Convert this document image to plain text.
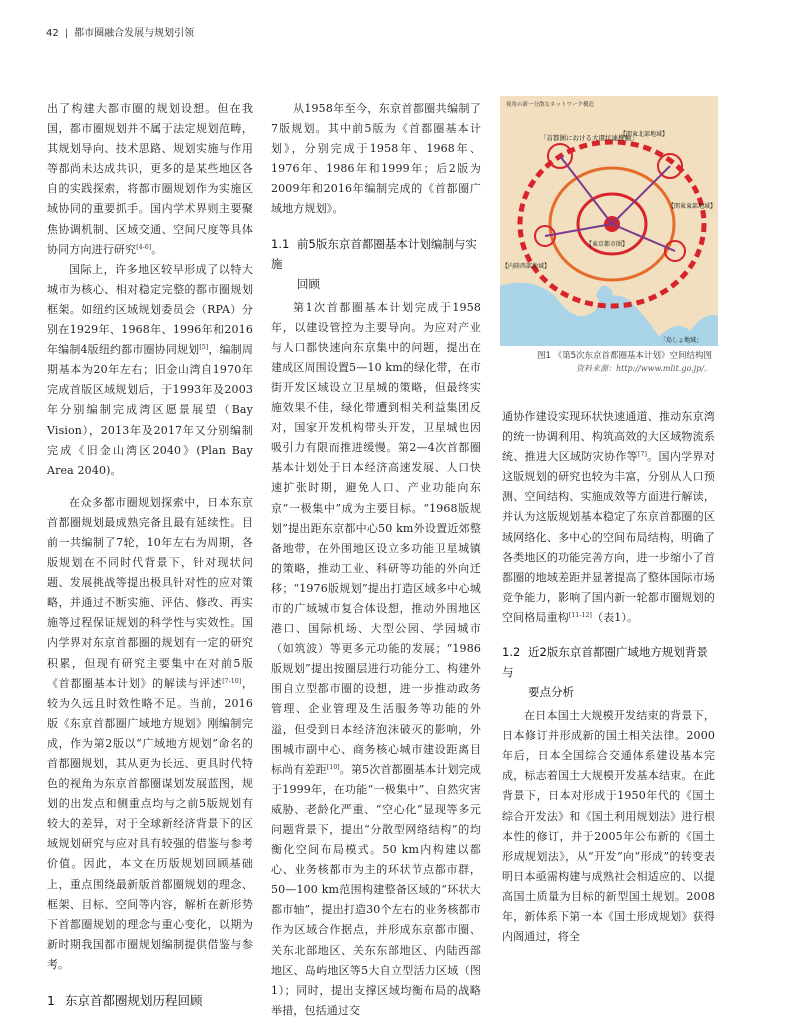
42 | 都市圈融合发展与规划引领

出了构建大都市圈的规划设想。但在我国，都市圈规划并不属于法定规划范畴，其规划导向、技术思路、规划实施与作用等都尚未达成共识，更多的是某些地区各自的实践探索，将都市圈规划作为实施区域协同的重要抓手。国内学术界则主要聚焦协调机制、区域交通、空间尺度等具体协同方向进行研究[4-6]。

国际上，许多地区较早形成了以特大城市为核心、相对稳定完整的都市圈规划框架。如纽约区域规划委员会（RPA）分别在1929年、1968年、1996年和2016年编制4版纽约都市圈协同规划[5]，编制周期基本为20年左右；旧金山湾自1970年完成首版区域规划后，于1993年及2003年分别编制完成湾区愿景展望（Bay Vision），2013年及2017年又分别编制完成《旧金山湾区2040》(Plan Bay Area 2040)。

在众多都市圈规划探索中，日本东京首都圈规划最成熟完备且最有延续性。目前一共编制了7轮，10年左右为周期，各版规划在不同时代背景下，针对现状问题、发展挑战等提出极具针对性的应对策略，并通过不断实施、评估、修改、再实施等过程保证规划的科学性与实效性。国内学界对东京首都圈的规划有一定的研究积累，但现有研究主要集中在对前5版《首都圈基本计划》的解读与评述[7-10]，较为久远且时效性略不足。当前，2016版《东京首都圈广域地方规划》刚编制完成，作为第2版以“广域地方规划”命名的首都圈规划，其从更为长远、更具时代特色的视角为东京首都圈谋划发展蓝图，规划的出发点和侧重点均与之前5版规划有较大的差异，对于全球新经济背景下的区域规划研究与应对具有较强的借鉴与参考价值。因此，本文在历版规划回顾基础上，重点围绕最新版首都圈规划的理念、框架、目标、空间等内容，解析在新形势下首都圈规划的理念与重心变化，以期为新时期我国都市圈规划编制提供借鉴与参考。

1 东京首都圈规划历程回顾

从1958年至今，东京首都圈共编制了7版规划。其中前5版为《首都圈基本计划》，分别完成于1958年、1968年、1976年、1986年和1999年；后2版为2009年和2016年编制完成的《首都圈广域地方规划》。

1.1 前5版东京首都圈基本计划编制与实施
回顾

第1次首都圈基本计划完成于1958年，以建设管控为主要导向。为应对产业与人口都快速向东京集中的问题，提出在建成区周围设置5—10 km的绿化带，在市街开发区域设立卫星城的策略，但最终实施效果不佳，绿化带遭到相关利益集团反对，国家开发机构带头开发，卫星城也因吸引力有限而推进缓慢。第2—4次首都圈基本计划处于日本经济高速发展、人口快速扩张时期，避免人口、产业功能向东京“一极集中”成为主要目标。“1968版规划”提出距东京都中心50 km外设置近郊整备地带，在外围地区设立多功能卫星城镇的策略，推动工业、科研等功能的外向迁移；“1976版规划”提出打造区域多中心城市的广域城市复合体设想，推动外围地区港口、国际机场、大型公园、学园城市（如筑波）等更多元功能的发展；“1986版规划”提出按圈层进行功能分工、构建外围自立型都市圈的设想，进一步推动政务管理、企业管理及生活服务等功能的外溢，但受到日本经济泡沫破灭的影响，外围城市副中心、商务核心城市建设距离目标尚有差距[10]。第5次首都圈基本计划完成于1999年，在功能“一极集中”、自然灾害威胁、老龄化严重、“空心化”显现等多元问题背景下，提出“分散型网络结构”的均衡化空间布局模式。50 km内构建以都心、业务核都市为主的环状节点都市群，50—100 km范围构建整备区域的“环状大都市轴”，提出打造30个左右的业务核都市作为区域合作据点，并形成东京都市圈、关东北部地区、关东东部地区、内陆西部地区、岛屿地区等5大自立型活力区域（图1）；同时，提出支撑区域均衡布局的战略举措，包括通过交

视角の新一分散なネットワーク構造
「首都圏における大環状連携軸」
【関東北部地域】
【関東東部地域】
【内陸西部地域】
【東京都市圏】
「島しょ地域」
图1 《第5次东京首都圈基本计划》空间结构图
资料来源：http://www.mlit.go.jp/。

通协作建设实现环状快速通道、推动东京湾的统一协调利用、构筑高效的大区域物流系统、推进大区域防灾协作等[7]。国内学界对这版规划的研究也较为丰富，分别从人口预测、空间结构、实施成效等方面进行解读，并认为这版规划基本稳定了东京首都圈的区域网络化、多中心的空间布局结构，明确了各类地区的功能完善方向，进一步缩小了首都圈的地域差距并显著提高了整体国际市场竞争能力，影响了国内新一轮都市圈规划的空间格局重构[11-12]（表1）。

1.2 近2版东京首都圈广域地方规划背景与
要点分析

在日本国土大规模开发结束的背景下，日本修订并形成新的国土相关法律。2000年后，日本全国综合交通体系建设基本完成，标志着国土大规模开发基本结束。在此背景下，日本对形成于1950年代的《国土综合开发法》和《国土利用规划法》进行根本性的修订，并于2005年公布新的《国土形成规划法》，从“开发”向“形成”的转变表明日本亟需构建与成熟社会相适应的、以提高国土质量为目标的新型国土规划。2008年，新体系下第一本《国土形成规划》获得内阁通过，将全
